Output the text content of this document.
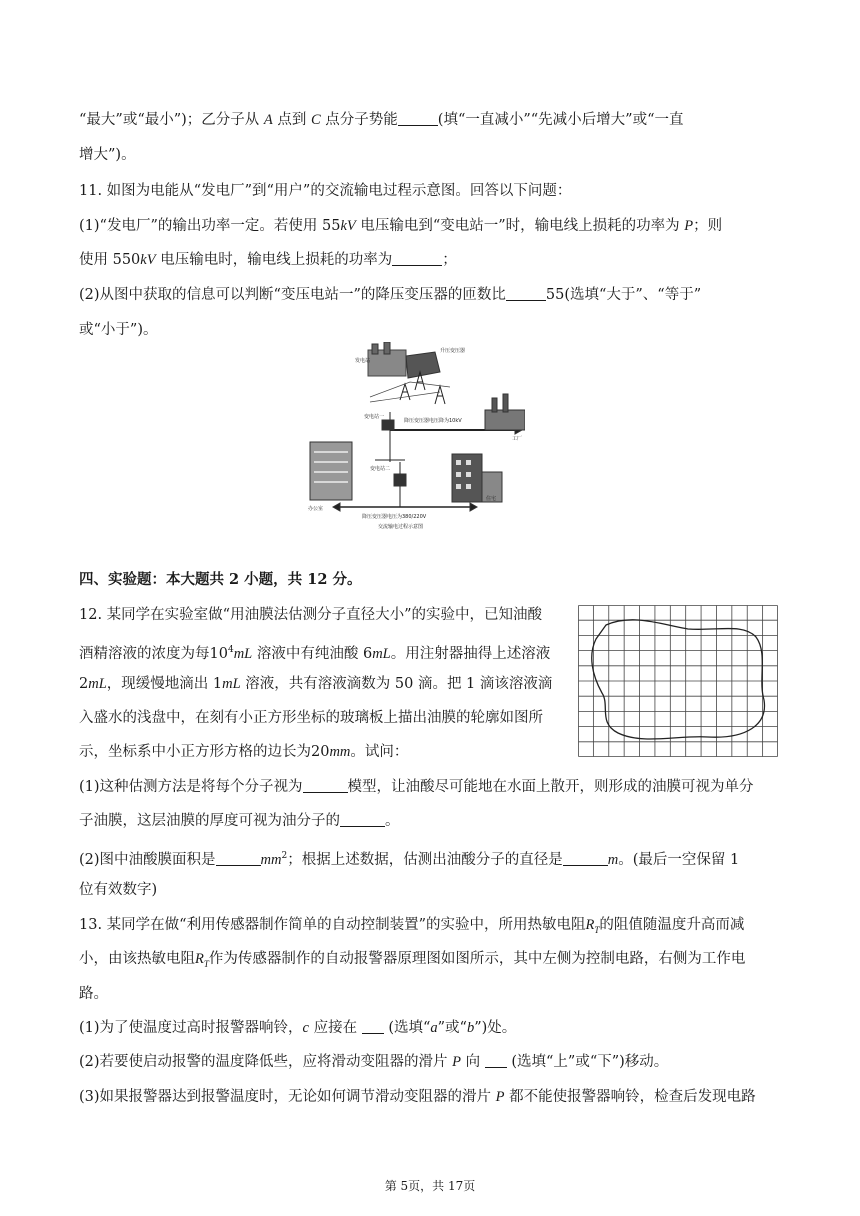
“最大”或“最小”)；乙分子从 A 点到 C 点分子势能	(填“一直减小”“先减小后增大”或“一直
增大”)。
11. 如图为电能从“发电厂”到“用户”的交流输电过程示意图。回答以下问题：
(1)“发电厂”的输出功率一定。若使用 55kV 电压输电到“变电站一”时，输电线上损耗的功率为 P；则
使用 550kV 电压输电时，输电线上损耗的功率为	；
(2)从图中获取的信息可以判断“变压电站一”的降压变压器的匝数比	55(选填“大于”、“等于”
或“小于”)。
发电站
升压变压器
变电站一
降压变压器电压降为10kV
变电站二
办公室
住宅
工厂
降压变压器电压为380/220V
交流输电过程示意图
四、实验题：本大题共 2 小题，共 12 分。
12. 某同学在实验室做“用油膜法估测分子直径大小”的实验中，已知油酸
酒精溶液的浓度为每$10^4mL$ 溶液中有纯油酸 6mL。用注射器抽得上述溶液
2mL，现缓慢地滴出 1mL 溶液，共有溶液滴数为 50 滴。把 1 滴该溶液滴
入盛水的浅盘中，在刻有小正方形坐标的玻璃板上描出油膜的轮廓如图所
示，坐标系中小正方形方格的边长为20mm。试问：
(1)这种估测方法是将每个分子视为	模型，让油酸尽可能地在水面上散开，则形成的油膜可视为单分
子油膜，这层油膜的厚度可视为油分子的	。
(2)图中油酸膜面积是	$mm^2$；根据上述数据，估测出油酸分子的直径是	m。(最后一空保留 1
位有效数字)
13. 某同学在做“利用传感器制作简单的自动控制装置”的实验中，所用热敏电阻$R_T$的阻值随温度升高而减
小，由该热敏电阻$R_T$作为传感器制作的自动报警器原理图如图所示，其中左侧为控制电路，右侧为工作电
路。
(1)为了使温度过高时报警器响铃，c 应接在 (选填“a”或“b”)处。
(2)若要使启动报警的温度降低些，应将滑动变阻器的滑片 P 向 (选填“上”或“下”)移动。
(3)如果报警器达到报警温度时，无论如何调节滑动变阻器的滑片 P 都不能使报警器响铃，检查后发现电路
第 5页，共 17页
